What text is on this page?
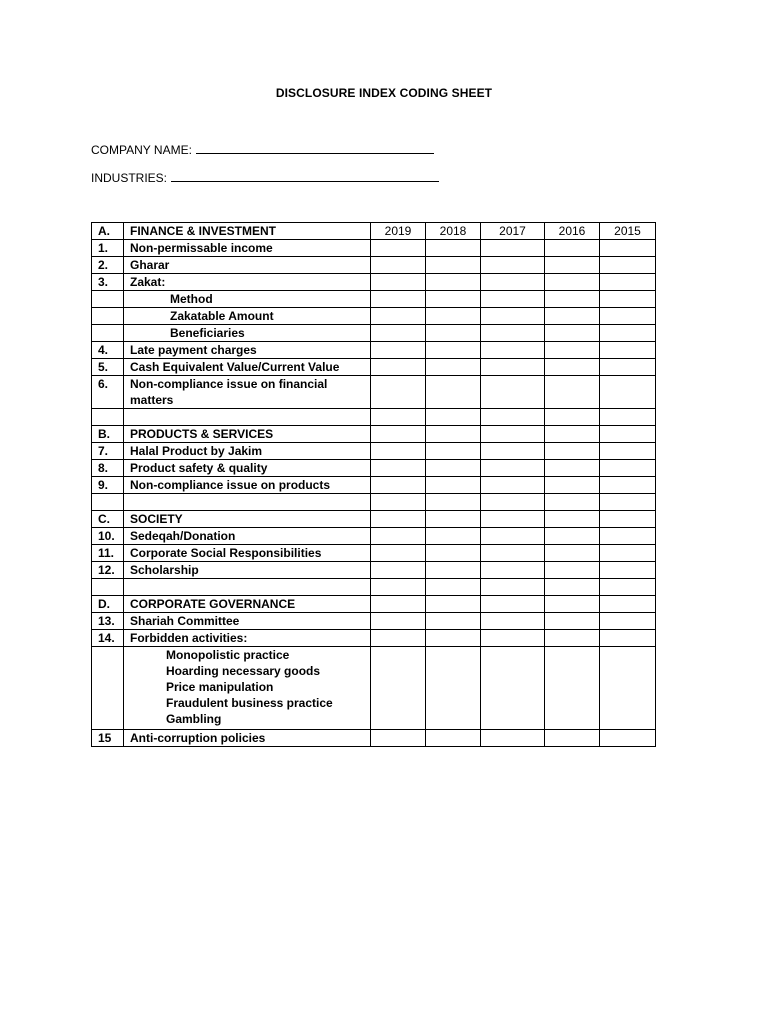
DISCLOSURE INDEX CODING SHEET
COMPANY NAME:
INDUSTRIES:
A.	FINANCE & INVESTMENT	2019	2018	2017	2016	2015
1.	Non-permissable income					
2.	Gharar					
3.	Zakat:					
	Method					
	Zakatable Amount					
	Beneficiaries					
4.	Late payment charges					
5.	Cash Equivalent Value/Current Value					
6.	Non-compliance issue on financial matters					

B.	PRODUCTS & SERVICES					
7.	Halal Product by Jakim					
8.	Product safety & quality					
9.	Non-compliance issue on products					

C.	SOCIETY					
10.	Sedeqah/Donation					
11.	Corporate Social Responsibilities					
12.	Scholarship					

D.	CORPORATE GOVERNANCE					
13.	Shariah Committee					
14.	Forbidden activities:					

	Monopolistic practice
Hoarding necessary goods
Price manipulation
Fraudulent business practice
Gambling					

15	Anti-corruption policies					
